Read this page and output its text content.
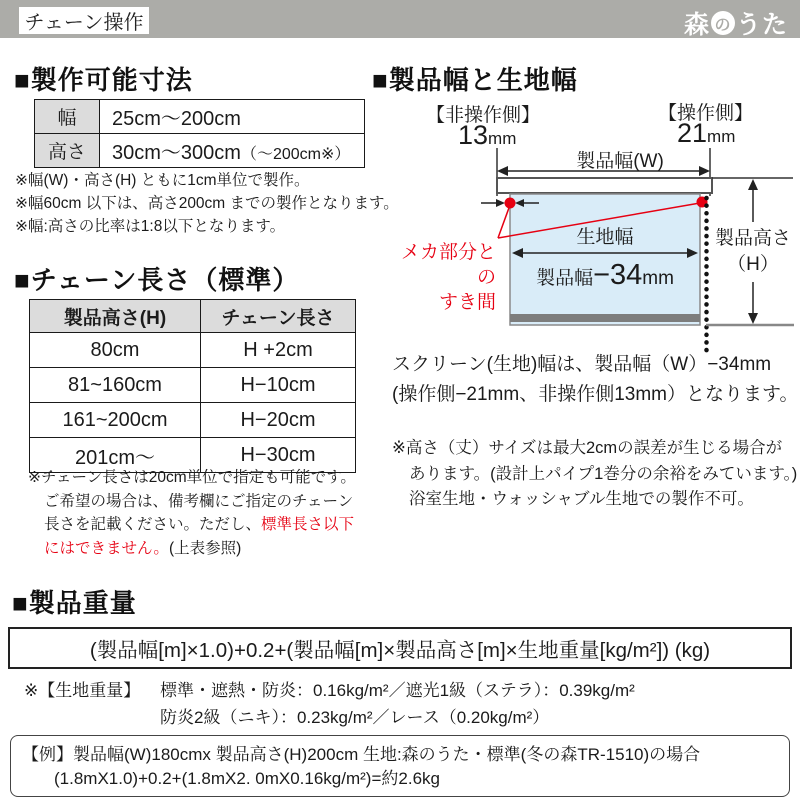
チェーン操作	森 の うた
■製作可能寸法
幅	25cm～200cm
高さ	30cm～300cm（～200cm※）
※幅(W)・高さ(H) ともに1cm単位で製作。
※幅60cm 以下は、高さ200cm までの製作となります。
※幅:高さの比率は1:8以下となります。
■チェーン長さ（標準）
製品高さ(H)	チェーン長さ
80cm	H +2cm
81~160cm	H−10cm
161~200cm	H−20cm
201cm～	H−30cm
※チェーン長さは20cm単位で指定も可能です。
ご希望の場合は、備考欄にご指定のチェーン
長さを記載ください。ただし、標準長さ以下
にはできません。(上表参照)
■製品幅と生地幅
【非操作側】
13mm
【操作側】
21mm
製品幅(W)
生地幅
製品幅−34mm
製品高さ
（H）
メカ部分との
すき間
スクリーン(生地)幅は、製品幅（W）−34mm
(操作側−21mm、非操作側13mm）となります。
※高さ（丈）サイズは最大2cmの誤差が生じる場合が
あります。(設計上パイプ1巻分の余裕をみています。)
浴室生地・ウォッシャブル生地での製作不可。
■製品重量
(製品幅[m]×1.0)+0.2+(製品幅[m]×製品高さ[m]×生地重量[kg/m²]) (kg)
※【生地重量】 標準・遮熱・防炎：0.16kg/m²／遮光1級（ステラ）：0.39kg/m²
防炎2級（ニキ）：0.23kg/m²／レース（0.20kg/m²）
【例】製品幅(W)180cmx 製品高さ(H)200cm 生地:森のうた・標準(冬の森TR-1510)の場合
(1.8mX1.0)+0.2+(1.8mX2. 0mX0.16kg/m²)=約2.6kg
